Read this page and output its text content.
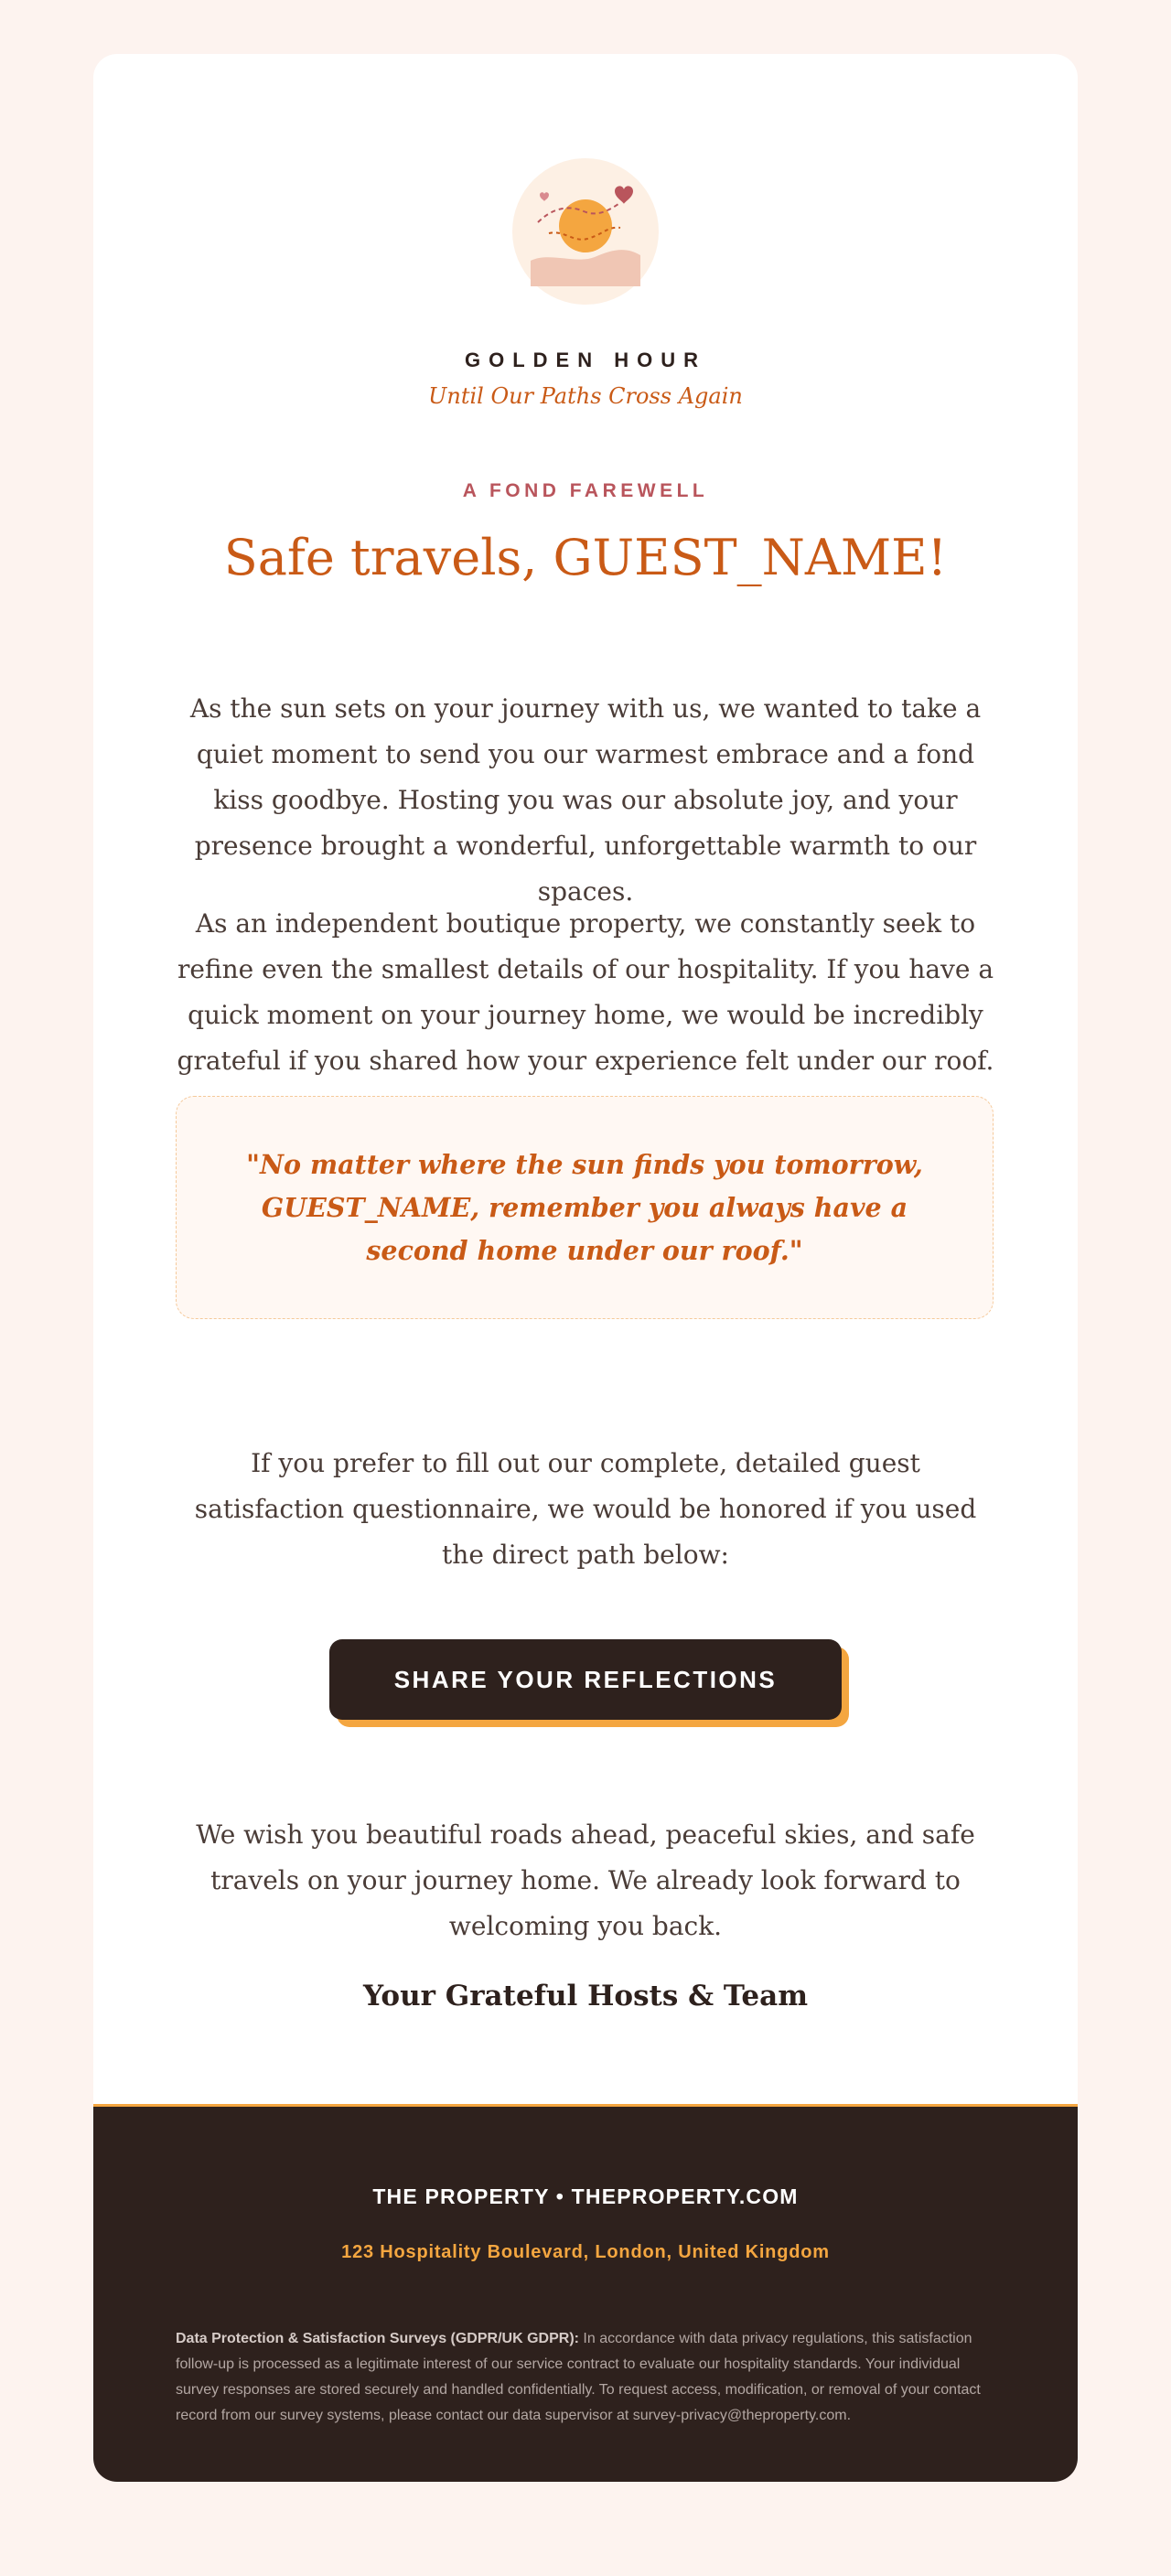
GOLDEN HOUR
Until Our Paths Cross Again
A FOND FAREWELL
Safe travels, GUEST_NAME!

As the sun sets on your journey with us, we wanted to take a quiet moment to send you our warmest embrace and a fond kiss goodbye. Hosting you was our absolute joy, and your presence brought a wonderful, unforgettable warmth to our spaces.

As an independent boutique property, we constantly seek to refine even the smallest details of our hospitality. If you have a quick moment on your journey home, we would be incredibly grateful if you shared how your experience felt under our roof.

"No matter where the sun finds you tomorrow, GUEST_NAME, remember you always have a second home under our roof."

If you prefer to fill out our complete, detailed guest satisfaction questionnaire, we would be honored if you used the direct path below:

SHARE YOUR REFLECTIONS

We wish you beautiful roads ahead, peaceful skies, and safe travels on your journey home. We already look forward to welcoming you back.

Your Grateful Hosts & Team
THE PROPERTY • THEPROPERTY.COM
123 Hospitality Boulevard, London, United Kingdom

Data Protection & Satisfaction Surveys (GDPR/UK GDPR): In accordance with data privacy regulations, this satisfaction follow-up is processed as a legitimate interest of our service contract to evaluate our hospitality standards. Your individual survey responses are stored securely and handled confidentially. To request access, modification, or removal of your contact record from our survey systems, please contact our data supervisor at survey-privacy@theproperty.com.
